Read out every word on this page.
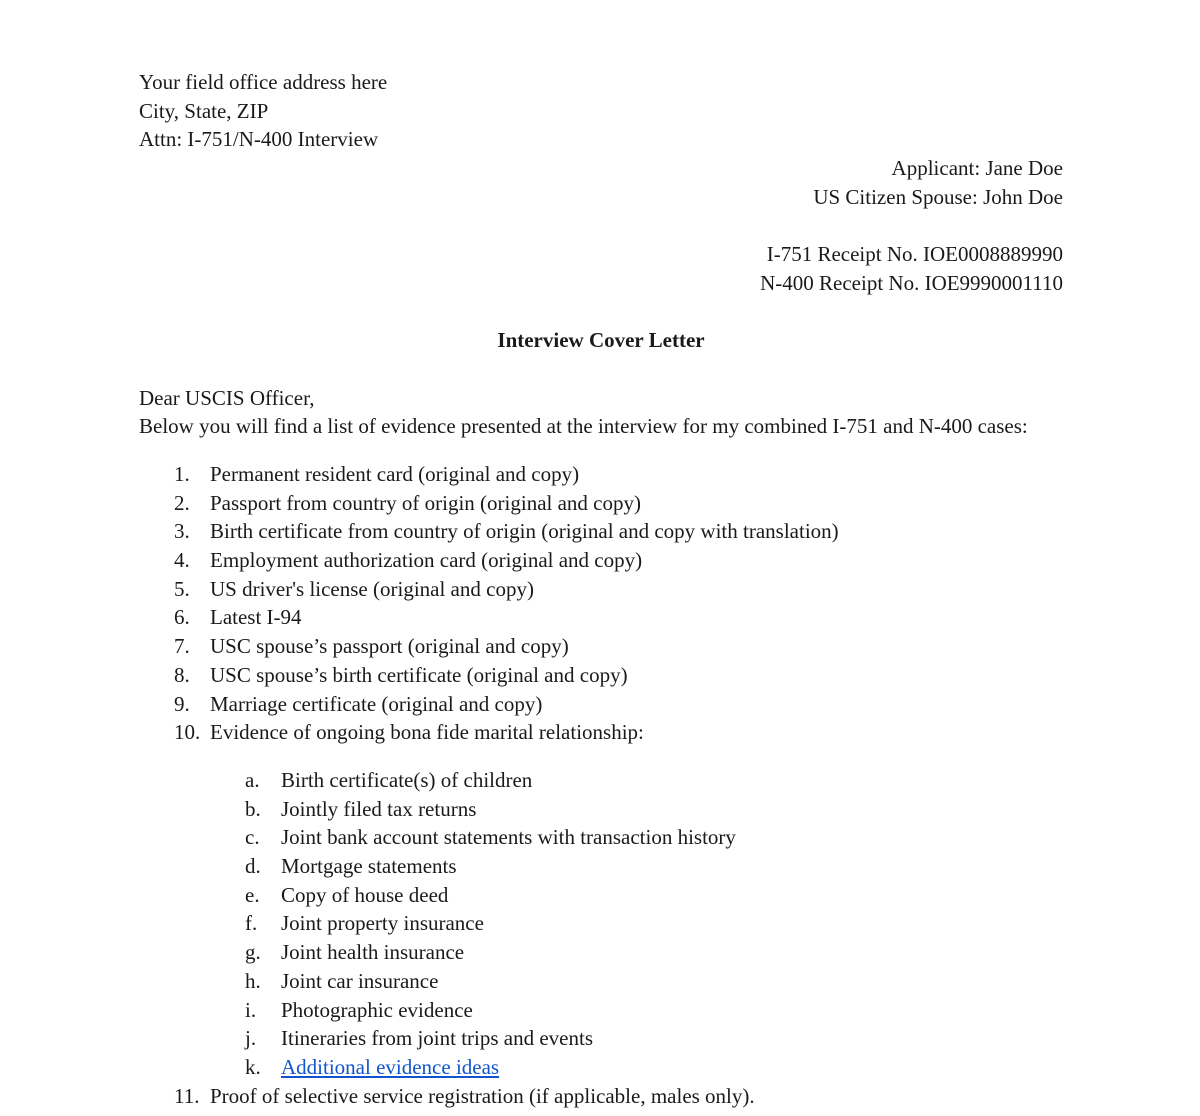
Your field office address here
City, State, ZIP
Attn: I-751/N-400 Interview
Applicant: Jane Doe
US Citizen Spouse: John Doe
I-751 Receipt No. IOE0008889990
N-400 Receipt No. IOE9990001110
Interview Cover Letter
Dear USCIS Officer,
Below you will find a list of evidence presented at the interview for my combined I-751 and N-400 cases:
1. Permanent resident card (original and copy)
2. Passport from country of origin (original and copy)
3. Birth certificate from country of origin (original and copy with translation)
4. Employment authorization card (original and copy)
5. US driver's license (original and copy)
6. Latest I-94
7. USC spouse’s passport (original and copy)
8. USC spouse’s birth certificate (original and copy)
9. Marriage certificate (original and copy)
10. Evidence of ongoing bona fide marital relationship:
a.	Birth certificate(s) of children
b. Jointly filed tax returns
c.	Joint bank account statements with transaction history
d. Mortgage statements
e.	Copy of house deed
f.	Joint property insurance
g. Joint health insurance
h. Joint car insurance
i.	Photographic evidence
j.	Itineraries from joint trips and events
k. Additional evidence ideas
11. Proof of selective service registration (if applicable, males only).
